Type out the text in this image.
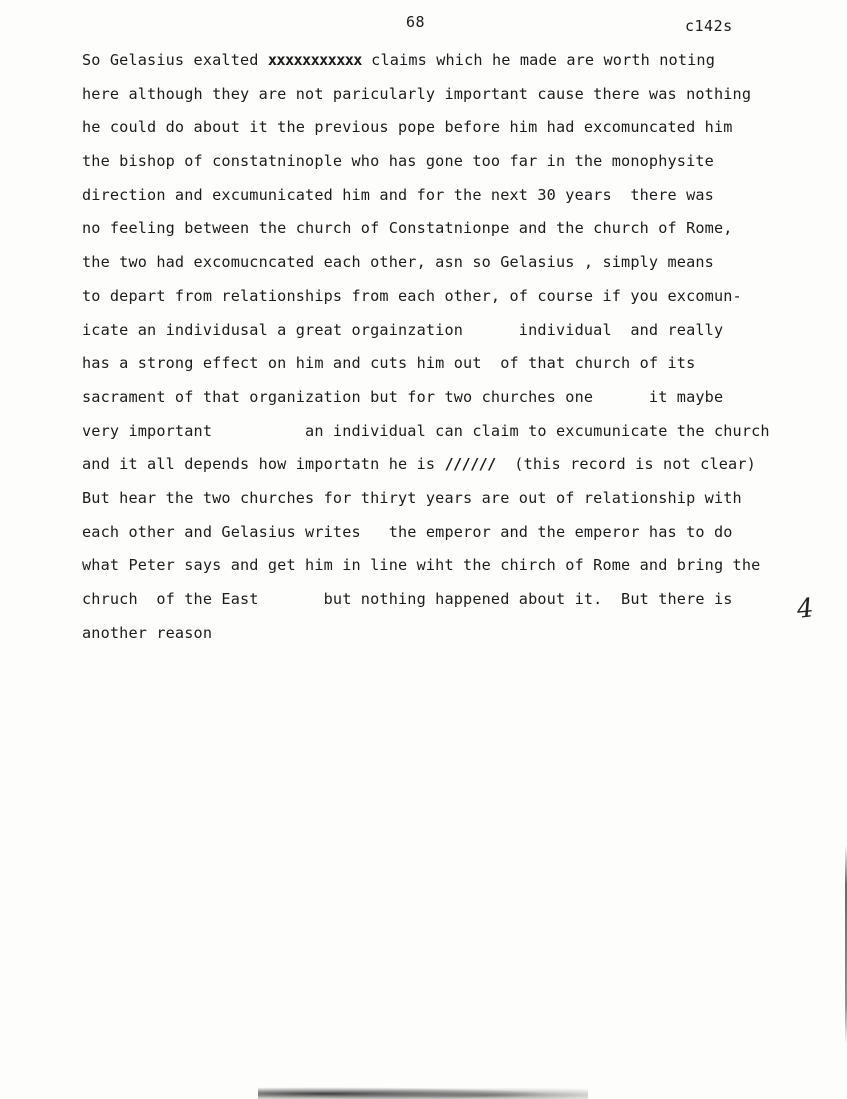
68	c142s
So Gelasius exalted xxxxxxxxxxx claims which he made are worth noting
here although they are not paricularly important cause there was nothing
he could do about it the previous pope before him had excomuncated him
the bishop of constatninople who has gone too far in the monophysite
direction and excumunicated him and for the next 30 years  there was
no feeling between the church of Constatnionpe and the church of Rome,
the two had excomucncated each other, asn so Gelasius , simply means
to depart from relationships from each other, of course if you excomun-
icate an individusal a great orgainzation      individual  and really
has a strong effect on him and cuts him out  of that church of its
sacrament of that organization but for two churches one      it maybe
very important          an individual can claim to excumunicate the church
and it all depends how importatn he is //////  (this record is not clear)
But hear the two churches for thiryt years are out of relationship with
each other and Gelasius writes   the emperor and the emperor has to do
what Peter says and get him in line wiht the chirch of Rome and bring the
chruch  of the East       but nothing happened about it.  But there is
another reason
4
